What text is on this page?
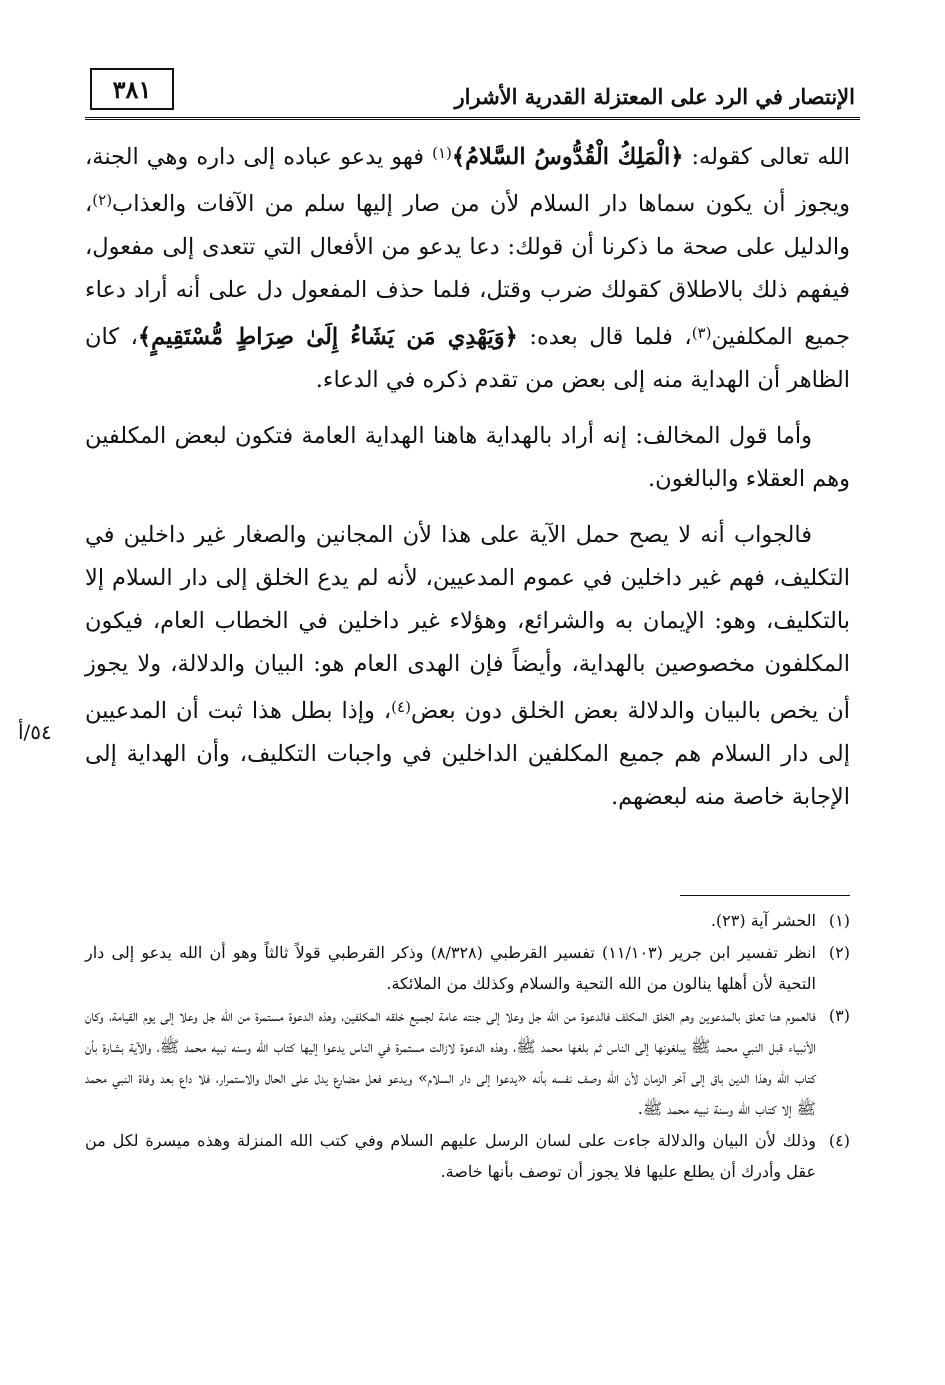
الإنتصار في الرد على المعتزلة القدرية الأشرار
٣٨١
٥٤/أ

الله تعالى كقوله: ﴿الْمَلِكُ الْقُدُّوسُ السَّلامُ﴾$^{(١)}$ فهو يدعو عباده إلى داره وهي الجنة، ويجوز أن يكون سماها دار السلام لأن من صار إليها سلم من الآفات والعذاب$^{(٢)}$، والدليل على صحة ما ذكرنا أن قولك: دعا يدعو من الأفعال التي تتعدى إلى مفعول، فيفهم ذلك بالاطلاق كقولك ضرب وقتل، فلما حذف المفعول دل على أنه أراد دعاء جميع المكلفين$^{(٣)}$، فلما قال بعده: ﴿وَيَهْدِي مَن يَشَاءُ إِلَىٰ صِرَاطٍ مُّسْتَقِيمٍ﴾، كان الظاهر أن الهداية منه إلى بعض من تقدم ذكره في الدعاء.

وأما قول المخالف: إنه أراد بالهداية هاهنا الهداية العامة فتكون لبعض المكلفين وهم العقلاء والبالغون.

فالجواب أنه لا يصح حمل الآية على هذا لأن المجانين والصغار غير داخلين في التكليف، فهم غير داخلين في عموم المدعيين، لأنه لم يدع الخلق إلى دار السلام إلا بالتكليف، وهو: الإيمان به والشرائع، وهؤلاء غير داخلين في الخطاب العام، فيكون المكلفون مخصوصين بالهداية، وأيضاً فإن الهدى العام هو: البيان والدلالة، ولا يجوز أن يخص بالبيان والدلالة بعض الخلق دون بعض$^{(٤)}$، وإذا بطل هذا ثبت أن المدعيين إلى دار السلام هم جميع المكلفين الداخلين في واجبات التكليف، وأن الهداية إلى الإجابة خاصة منه لبعضهم.

(١)
الحشر آية (٢٣).
(٢)
انظر تفسير ابن جرير (١١/١٠٣) تفسير القرطبي (٨/٣٢٨) وذكر القرطبي قولاً ثالثاً وهو أن الله يدعو إلى دار التحية لأن أهلها ينالون من الله التحية والسلام وكذلك من الملائكة.
(٣)
فالعموم هنا تعلق بالمدعوين وهم الخلق المكلف فالدعوة من الله جل وعلا إلى جنته عامة لجميع خلقه المكلفين، وهذه الدعوة مستمرة من الله جل وعلا إلى يوم القيامة، وكان الأنبياء قبل النبي محمد ﷺ يبلغونها إلى الناس ثم بلغها محمد ﷺ، وهذه الدعوة لازالت مستمرة في الناس يدعوا إليها كتاب الله وسنه نبيه محمد ﷺ، والآية بشارة بأن كتاب الله وهذا الدين باق إلى آخر الزمان لأن الله وصف نفسه بأنه «يدعوا إلى دار السلام» ويدعو فعل مضارع يدل على الحال والاستمرار، فلا داع بعد وفاة النبي محمد ﷺ إلا كتاب الله وسنة نبيه محمد ﷺ.
(٤)
وذلك لأن البيان والدلالة جاءت على لسان الرسل عليهم السلام وفي كتب الله المنزلة وهذه ميسرة لكل من عقل وأدرك أن يطلع عليها فلا يجوز أن توصف بأنها خاصة.
